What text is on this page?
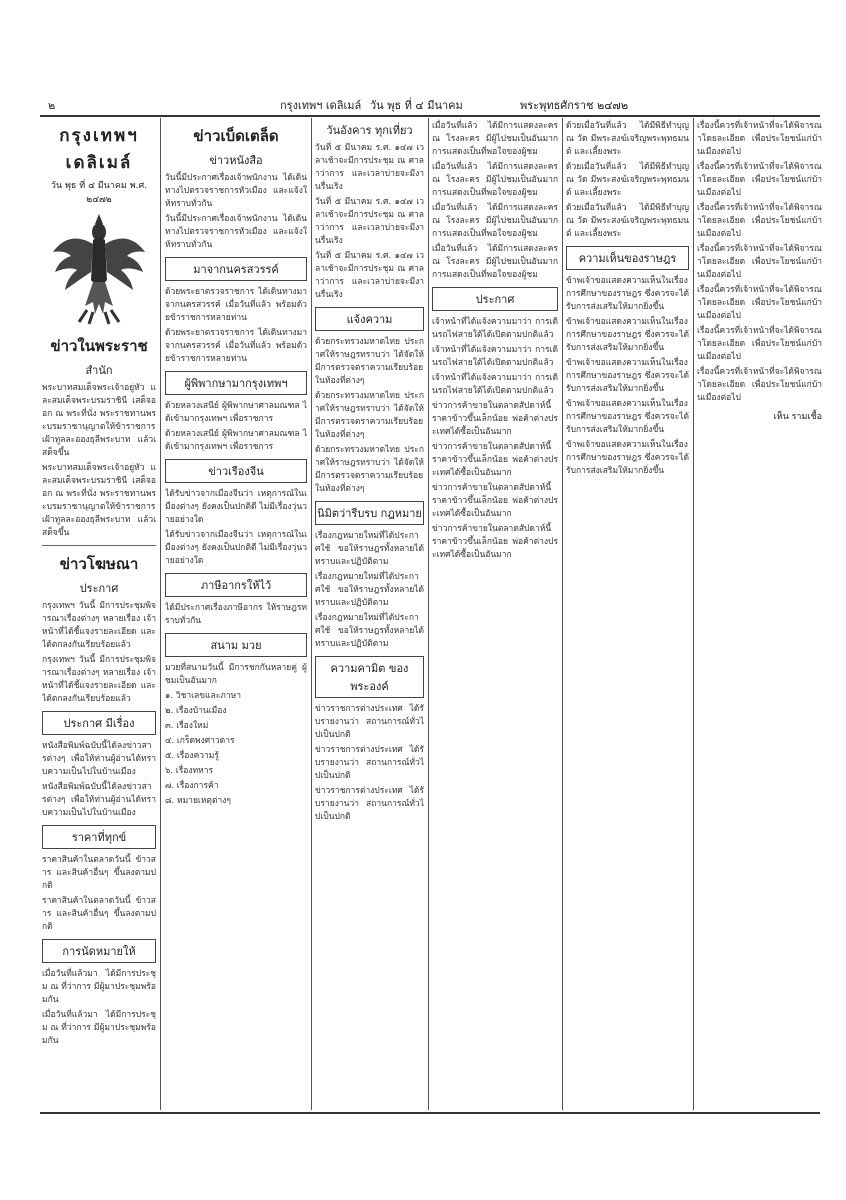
๒	กรุงเทพฯ เดลิเมล์ วัน พุธ ที่ ๔ มีนาคม	พระพุทธศักราช ๒๔๗๒
กรุงเทพฯ เดลิเมล์
วัน พุธ ที่ ๔ มีนาคม พ.ศ. ๒๔๗๒
ข่าวในพระราช
สำนัก
พระบาทสมเด็จพระเจ้าอยู่หัว และสมเด็จพระบรมราชินี เสด็จออก ณ พระที่นั่ง พระราชทานพระบรมราชานุญาตให้ข้าราชการเฝ้าทูลละอองธุลีพระบาท แล้วเสด็จขึ้น
พระบาทสมเด็จพระเจ้าอยู่หัว และสมเด็จพระบรมราชินี เสด็จออก ณ พระที่นั่ง พระราชทานพระบรมราชานุญาตให้ข้าราชการเฝ้าทูลละอองธุลีพระบาท แล้วเสด็จขึ้น
ข่าวโฆษณา
ประกาศ
กรุงเทพฯ วันนี้ มีการประชุมพิจารณาเรื่องต่างๆ หลายเรื่อง เจ้าหน้าที่ได้ชี้แจงรายละเอียด และได้ตกลงกันเรียบร้อยแล้ว
กรุงเทพฯ วันนี้ มีการประชุมพิจารณาเรื่องต่างๆ หลายเรื่อง เจ้าหน้าที่ได้ชี้แจงรายละเอียด และได้ตกลงกันเรียบร้อยแล้ว
ประกาศ มีเรื่อง
หนังสือพิมพ์ฉบับนี้ได้ลงข่าวสารต่างๆ เพื่อให้ท่านผู้อ่านได้ทราบความเป็นไปในบ้านเมือง
หนังสือพิมพ์ฉบับนี้ได้ลงข่าวสารต่างๆ เพื่อให้ท่านผู้อ่านได้ทราบความเป็นไปในบ้านเมือง
ราคาที่ทุกข์
ราคาสินค้าในตลาดวันนี้ ข้าวสาร และสินค้าอื่นๆ ขึ้นลงตามปกติ
ราคาสินค้าในตลาดวันนี้ ข้าวสาร และสินค้าอื่นๆ ขึ้นลงตามปกติ
การนัดหมายให้
เมื่อวันที่แล้วมา ได้มีการประชุม ณ ที่ว่าการ มีผู้มาประชุมพร้อมกัน
เมื่อวันที่แล้วมา ได้มีการประชุม ณ ที่ว่าการ มีผู้มาประชุมพร้อมกัน
ข่าวเบ็ดเตล็ด
ข่าวหนังสือ
วันนี้มีประกาศเรื่องเจ้าพนักงาน ได้เดินทางไปตรวจราชการหัวเมือง และแจ้งให้ทราบทั่วกัน
วันนี้มีประกาศเรื่องเจ้าพนักงาน ได้เดินทางไปตรวจราชการหัวเมือง และแจ้งให้ทราบทั่วกัน
มาจากนครสวรรค์
ด้วยพระยาตรวจราชการ ได้เดินทางมาจากนครสวรรค์ เมื่อวันที่แล้ว พร้อมด้วยข้าราชการหลายท่าน
ด้วยพระยาตรวจราชการ ได้เดินทางมาจากนครสวรรค์ เมื่อวันที่แล้ว พร้อมด้วยข้าราชการหลายท่าน
ผู้พิพากษามากรุงเทพฯ
ด้วยหลวงเสนีย์ ผู้พิพากษาศาลมณฑล ได้เข้ามากรุงเทพฯ เพื่อราชการ
ด้วยหลวงเสนีย์ ผู้พิพากษาศาลมณฑล ได้เข้ามากรุงเทพฯ เพื่อราชการ
ข่าวเรืองจีน
ได้รับข่าวจากเมืองจีนว่า เหตุการณ์ในเมืองต่างๆ ยังคงเป็นปกติดี ไม่มีเรื่องวุ่นวายอย่างใด
ได้รับข่าวจากเมืองจีนว่า เหตุการณ์ในเมืองต่างๆ ยังคงเป็นปกติดี ไม่มีเรื่องวุ่นวายอย่างใด
ภาษีอากรให้ไว้
ได้มีประกาศเรื่องภาษีอากร ให้ราษฎรทราบทั่วกัน
สนาม มวย
มวยที่สนามวันนี้ มีการชกกันหลายคู่ ผู้ชมเป็นอันมาก
๑. วิชาเลขและภาษา
๒. เรื่องบ้านเมือง
๓. เรื่องใหม่
๔. เกร็ดพงศาวดาร
๕. เรื่องความรู้
๖. เรื่องทหาร
๗. เรื่องการค้า
๘. หมายเหตุต่างๆ
วันอังคาร ทุกเที่ยว
วันที่ ๕ มีนาคม ร.ศ. ๑๔๗ เวลาเช้าจะมีการประชุม ณ ศาลาว่าการ และเวลาบ่ายจะมีงานรื่นเริง
วันที่ ๕ มีนาคม ร.ศ. ๑๔๗ เวลาเช้าจะมีการประชุม ณ ศาลาว่าการ และเวลาบ่ายจะมีงานรื่นเริง
วันที่ ๕ มีนาคม ร.ศ. ๑๔๗ เวลาเช้าจะมีการประชุม ณ ศาลาว่าการ และเวลาบ่ายจะมีงานรื่นเริง
แจ้งความ
ด้วยกระทรวงมหาดไทย ประกาศให้ราษฎรทราบว่า ได้จัดให้มีการตรวจตราความเรียบร้อยในท้องที่ต่างๆ
ด้วยกระทรวงมหาดไทย ประกาศให้ราษฎรทราบว่า ได้จัดให้มีการตรวจตราความเรียบร้อยในท้องที่ต่างๆ
ด้วยกระทรวงมหาดไทย ประกาศให้ราษฎรทราบว่า ได้จัดให้มีการตรวจตราความเรียบร้อยในท้องที่ต่างๆ
นิมิตว่ารีบรบ กฎหมาย
เรื่องกฎหมายใหม่ที่ได้ประกาศใช้ ขอให้ราษฎรทั้งหลายได้ทราบและปฏิบัติตาม
เรื่องกฎหมายใหม่ที่ได้ประกาศใช้ ขอให้ราษฎรทั้งหลายได้ทราบและปฏิบัติตาม
เรื่องกฎหมายใหม่ที่ได้ประกาศใช้ ขอให้ราษฎรทั้งหลายได้ทราบและปฏิบัติตาม
ความคามิต ของพระองค์
ข่าวราชการต่างประเทศ ได้รับรายงานว่า สถานการณ์ทั่วไปเป็นปกติ
ข่าวราชการต่างประเทศ ได้รับรายงานว่า สถานการณ์ทั่วไปเป็นปกติ
ข่าวราชการต่างประเทศ ได้รับรายงานว่า สถานการณ์ทั่วไปเป็นปกติ
เมื่อวันที่แล้ว ได้มีการแสดงละคร ณ โรงละคร มีผู้ไปชมเป็นอันมาก การแสดงเป็นที่พอใจของผู้ชม
เมื่อวันที่แล้ว ได้มีการแสดงละคร ณ โรงละคร มีผู้ไปชมเป็นอันมาก การแสดงเป็นที่พอใจของผู้ชม
เมื่อวันที่แล้ว ได้มีการแสดงละคร ณ โรงละคร มีผู้ไปชมเป็นอันมาก การแสดงเป็นที่พอใจของผู้ชม
เมื่อวันที่แล้ว ได้มีการแสดงละคร ณ โรงละคร มีผู้ไปชมเป็นอันมาก การแสดงเป็นที่พอใจของผู้ชม
ประกาศ
เจ้าหน้าที่ได้แจ้งความมาว่า การเดินรถไฟสายใต้ได้เปิดตามปกติแล้ว
เจ้าหน้าที่ได้แจ้งความมาว่า การเดินรถไฟสายใต้ได้เปิดตามปกติแล้ว
เจ้าหน้าที่ได้แจ้งความมาว่า การเดินรถไฟสายใต้ได้เปิดตามปกติแล้ว
ข่าวการค้าขายในตลาดสัปดาห์นี้ ราคาข้าวขึ้นเล็กน้อย พ่อค้าต่างประเทศได้ซื้อเป็นอันมาก
ข่าวการค้าขายในตลาดสัปดาห์นี้ ราคาข้าวขึ้นเล็กน้อย พ่อค้าต่างประเทศได้ซื้อเป็นอันมาก
ข่าวการค้าขายในตลาดสัปดาห์นี้ ราคาข้าวขึ้นเล็กน้อย พ่อค้าต่างประเทศได้ซื้อเป็นอันมาก
ข่าวการค้าขายในตลาดสัปดาห์นี้ ราคาข้าวขึ้นเล็กน้อย พ่อค้าต่างประเทศได้ซื้อเป็นอันมาก
ด้วยเมื่อวันที่แล้ว ได้มีพิธีทำบุญ ณ วัด มีพระสงฆ์เจริญพระพุทธมนต์ และเลี้ยงพระ
ด้วยเมื่อวันที่แล้ว ได้มีพิธีทำบุญ ณ วัด มีพระสงฆ์เจริญพระพุทธมนต์ และเลี้ยงพระ
ด้วยเมื่อวันที่แล้ว ได้มีพิธีทำบุญ ณ วัด มีพระสงฆ์เจริญพระพุทธมนต์ และเลี้ยงพระ
ความเห็นของราษฎร
ข้าพเจ้าขอแสดงความเห็นในเรื่องการศึกษาของราษฎร ซึ่งควรจะได้รับการส่งเสริมให้มากยิ่งขึ้น
ข้าพเจ้าขอแสดงความเห็นในเรื่องการศึกษาของราษฎร ซึ่งควรจะได้รับการส่งเสริมให้มากยิ่งขึ้น
ข้าพเจ้าขอแสดงความเห็นในเรื่องการศึกษาของราษฎร ซึ่งควรจะได้รับการส่งเสริมให้มากยิ่งขึ้น
ข้าพเจ้าขอแสดงความเห็นในเรื่องการศึกษาของราษฎร ซึ่งควรจะได้รับการส่งเสริมให้มากยิ่งขึ้น
ข้าพเจ้าขอแสดงความเห็นในเรื่องการศึกษาของราษฎร ซึ่งควรจะได้รับการส่งเสริมให้มากยิ่งขึ้น
เรื่องนี้ควรที่เจ้าหน้าที่จะได้พิจารณาโดยละเอียด เพื่อประโยชน์แก่บ้านเมืองต่อไป
เรื่องนี้ควรที่เจ้าหน้าที่จะได้พิจารณาโดยละเอียด เพื่อประโยชน์แก่บ้านเมืองต่อไป
เรื่องนี้ควรที่เจ้าหน้าที่จะได้พิจารณาโดยละเอียด เพื่อประโยชน์แก่บ้านเมืองต่อไป
เรื่องนี้ควรที่เจ้าหน้าที่จะได้พิจารณาโดยละเอียด เพื่อประโยชน์แก่บ้านเมืองต่อไป
เรื่องนี้ควรที่เจ้าหน้าที่จะได้พิจารณาโดยละเอียด เพื่อประโยชน์แก่บ้านเมืองต่อไป
เรื่องนี้ควรที่เจ้าหน้าที่จะได้พิจารณาโดยละเอียด เพื่อประโยชน์แก่บ้านเมืองต่อไป
เรื่องนี้ควรที่เจ้าหน้าที่จะได้พิจารณาโดยละเอียด เพื่อประโยชน์แก่บ้านเมืองต่อไป
เห็น รามเชื้อ
